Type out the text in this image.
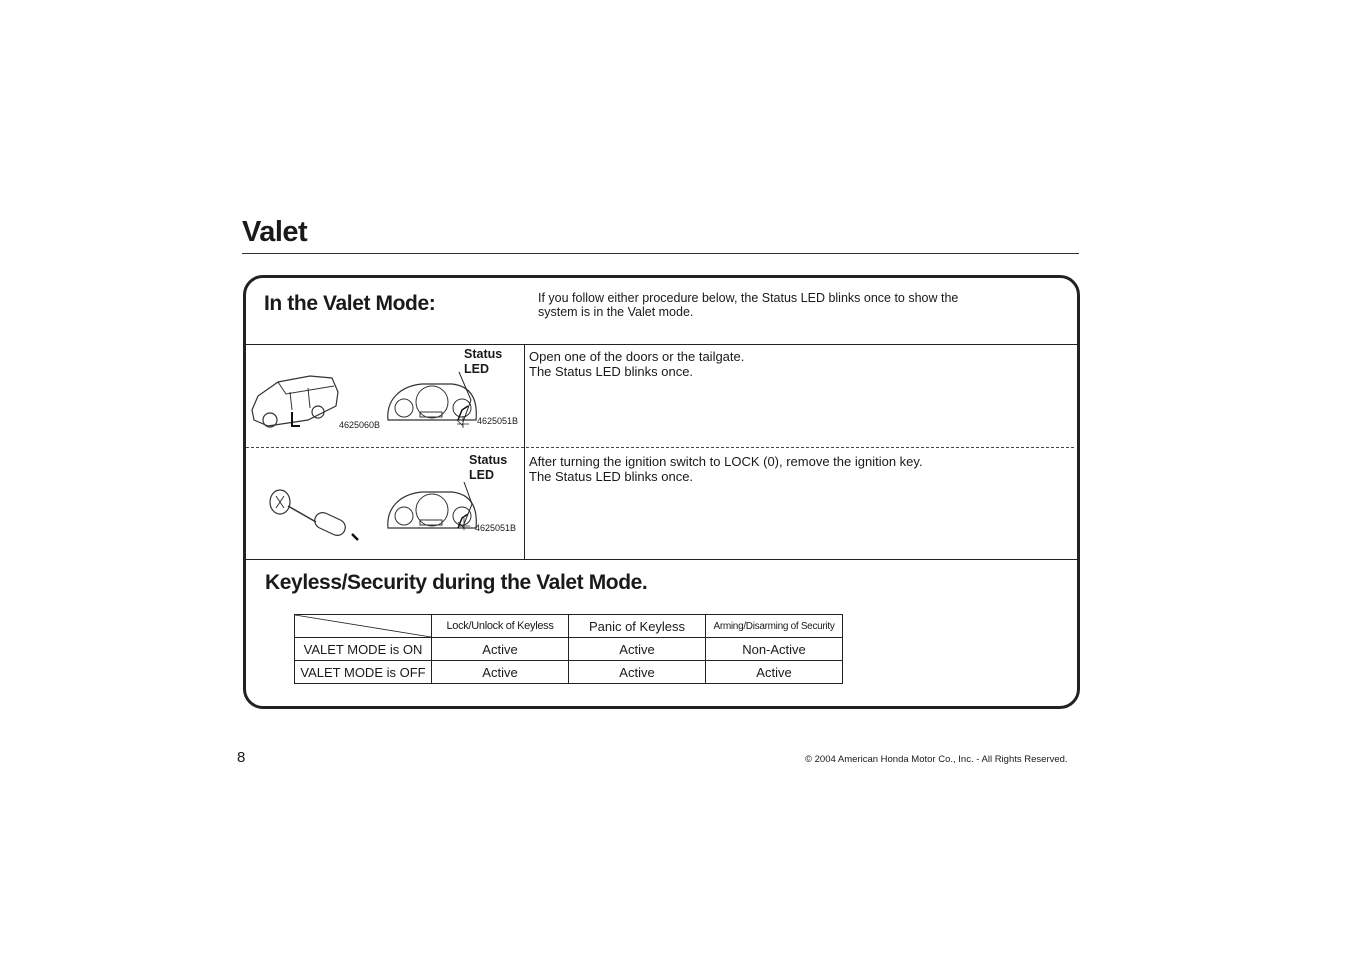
Valet
In the Valet Mode:	If you follow either procedure below, the Status LED blinks once to show the system is in the Valet mode.
Status
LED
4625060B	4625051B
Open one of the doors or the tailgate.
The Status LED blinks once.
Status
LED
4625051B
After turning the ignition switch to LOCK (0), remove the ignition key.
The Status LED blinks once.
Keyless/Security during the Valet Mode.
	Lock/Unlock of Keyless	Panic of Keyless	Arming/Disarming of Security
VALET MODE is ON	Active	Active	Non-Active
VALET MODE is OFF	Active	Active	Active
8	© 2004 American Honda Motor Co., Inc. - All Rights Reserved.
